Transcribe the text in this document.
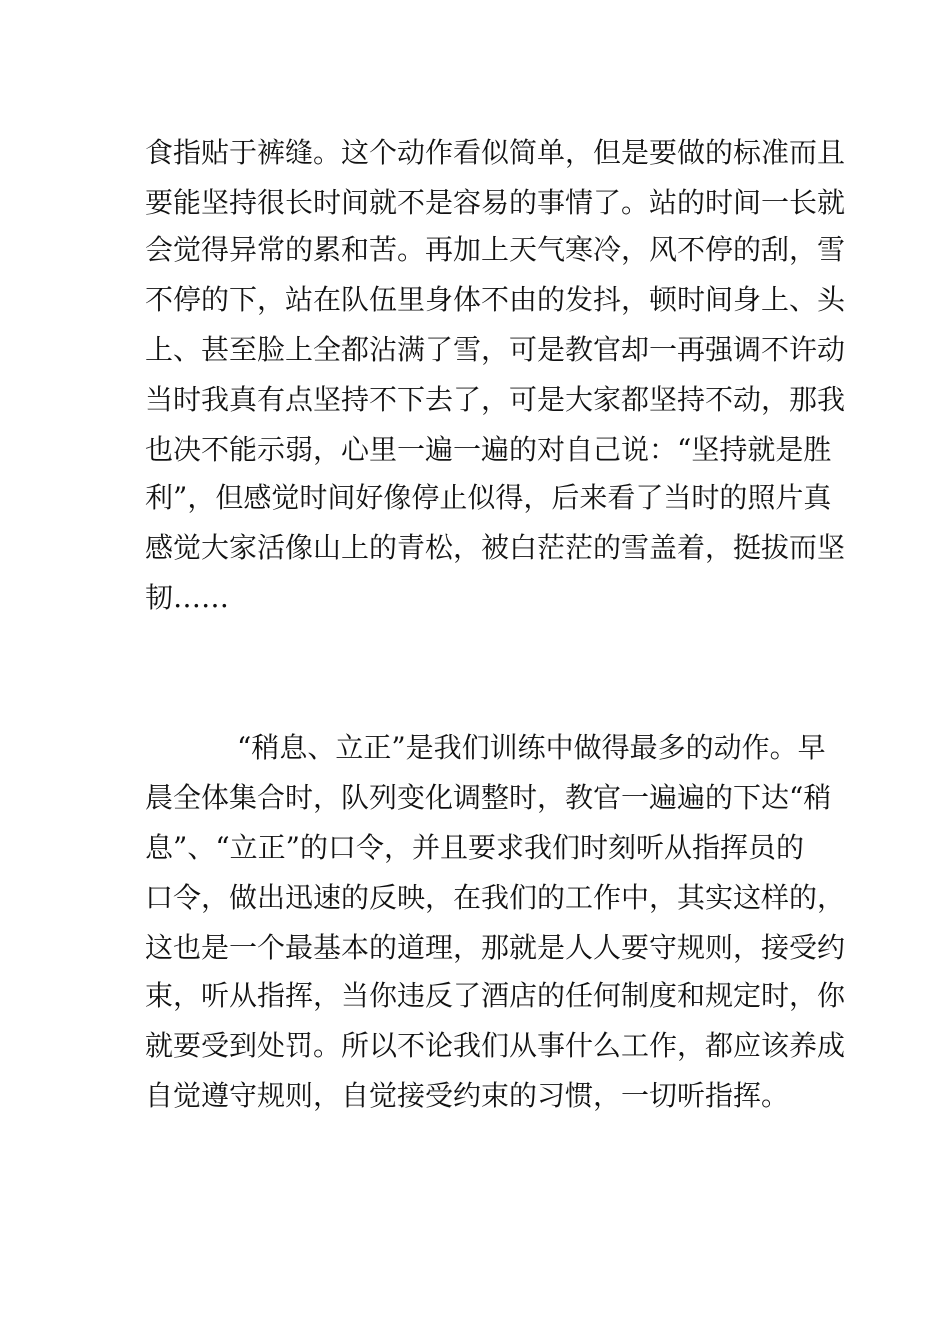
食指贴于裤缝。这个动作看似简单，但是要做的标准而且
要能坚持很长时间就不是容易的事情了。站的时间一长就
会觉得异常的累和苦。再加上天气寒冷，风不停的刮，雪
不停的下，站在队伍里身体不由的发抖，顿时间身上、头
上、甚至脸上全都沾满了雪，可是教官却一再强调不许动
当时我真有点坚持不下去了，可是大家都坚持不动，那我
也决不能示弱，心里一遍一遍的对自己说：“坚持就是胜
利”，但感觉时间好像停止似得，后来看了当时的照片真
感觉大家活像山上的青松，被白茫茫的雪盖着，挺拔而坚
韧……
“稍息、立正”是我们训练中做得最多的动作。早
晨全体集合时，队列变化调整时，教官一遍遍的下达“稍
息”、“立正”的口令，并且要求我们时刻听从指挥员的
口令，做出迅速的反映，在我们的工作中，其实这样的，
这也是一个最基本的道理，那就是人人要守规则，接受约
束，听从指挥，当你违反了酒店的任何制度和规定时，你
就要受到处罚。所以不论我们从事什么工作，都应该养成
自觉遵守规则，自觉接受约束的习惯，一切听指挥。
